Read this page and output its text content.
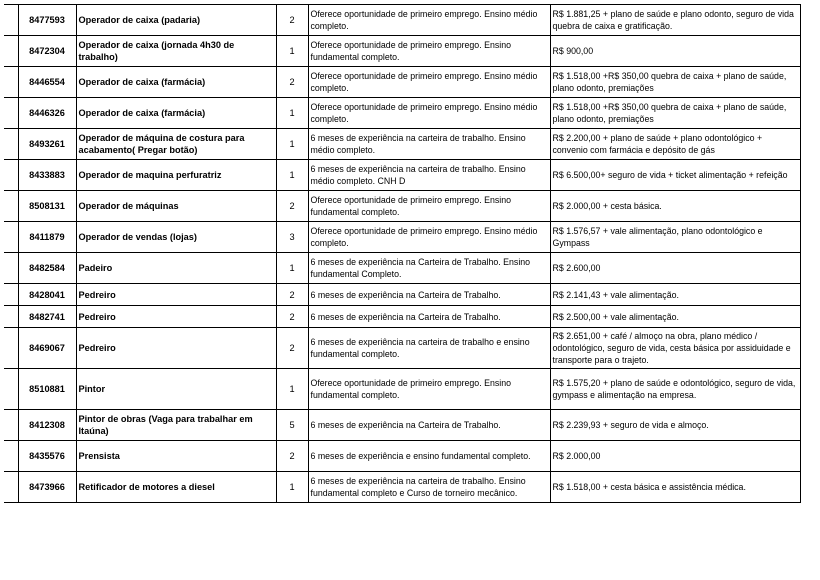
	8477593	Operador de caixa (padaria)	2	Oferece oportunidade de primeiro emprego. Ensino médio completo.	R$ 1.881,25 + plano de saúde e plano odonto, seguro de vida quebra de caixa e gratificação.
	8472304	Operador de caixa (jornada 4h30 de trabalho)	1	Oferece oportunidade de primeiro emprego. Ensino fundamental completo.	R$ 900,00
	8446554	Operador de caixa (farmácia)	2	Oferece oportunidade de primeiro emprego. Ensino médio completo.	R$ 1.518,00 +R$ 350,00 quebra de caixa + plano de saúde, plano odonto, premiações
	8446326	Operador de caixa (farmácia)	1	Oferece oportunidade de primeiro emprego. Ensino médio completo.	R$ 1.518,00 +R$ 350,00 quebra de caixa + plano de saúde, plano odonto, premiações
	8493261	Operador de máquina de costura para acabamento( Pregar botão)	1	6 meses de experiência na carteira de trabalho. Ensino médio completo.	R$ 2.200,00 + plano de saúde + plano odontológico + convenio com farmácia e depósito de gás
	8433883	Operador de maquina perfuratriz	1	6 meses de experiência na carteira de trabalho. Ensino médio completo. CNH D	R$ 6.500,00+ seguro de vida + ticket alimentação + refeição
	8508131	Operador de máquinas	2	Oferece oportunidade de primeiro emprego. Ensino fundamental completo.	R$ 2.000,00 + cesta básica.
	8411879	Operador de vendas (lojas)	3	Oferece oportunidade de primeiro emprego. Ensino médio completo.	R$ 1.576,57 + vale alimentação, plano odontológico e Gympass
	8482584	Padeiro	1	6 meses de experiência na Carteira de Trabalho. Ensino fundamental Completo.	R$ 2.600,00
	8428041	Pedreiro	2	6 meses de experiência na Carteira de Trabalho.	R$ 2.141,43 + vale alimentação.
	8482741	Pedreiro	2	6 meses de experiência na Carteira de Trabalho.	R$ 2.500,00 + vale alimentação.
	8469067	Pedreiro	2	6 meses de experiência na carteira de trabalho e ensino fundamental completo.	R$ 2.651,00 + café / almoço na obra, plano médico / odontológico, seguro de vida, cesta básica por assiduidade e transporte para o trajeto.
	8510881	Pintor	1	Oferece oportunidade de primeiro emprego. Ensino fundamental completo.	R$ 1.575,20 + plano de saúde e odontológico, seguro de vida, gympass e alimentação na empresa.
	8412308	Pintor de obras (Vaga para trabalhar em Itaúna)	5	6 meses de experiência na Carteira de Trabalho.	R$ 2.239,93 + seguro de vida e almoço.
	8435576	Prensista	2	6 meses de experiência e ensino fundamental completo.	R$ 2.000,00
	8473966	Retificador de motores a diesel	1	6 meses de experiência na carteira de trabalho. Ensino fundamental completo e Curso de torneiro mecânico.	R$ 1.518,00 + cesta básica e assistência médica.
